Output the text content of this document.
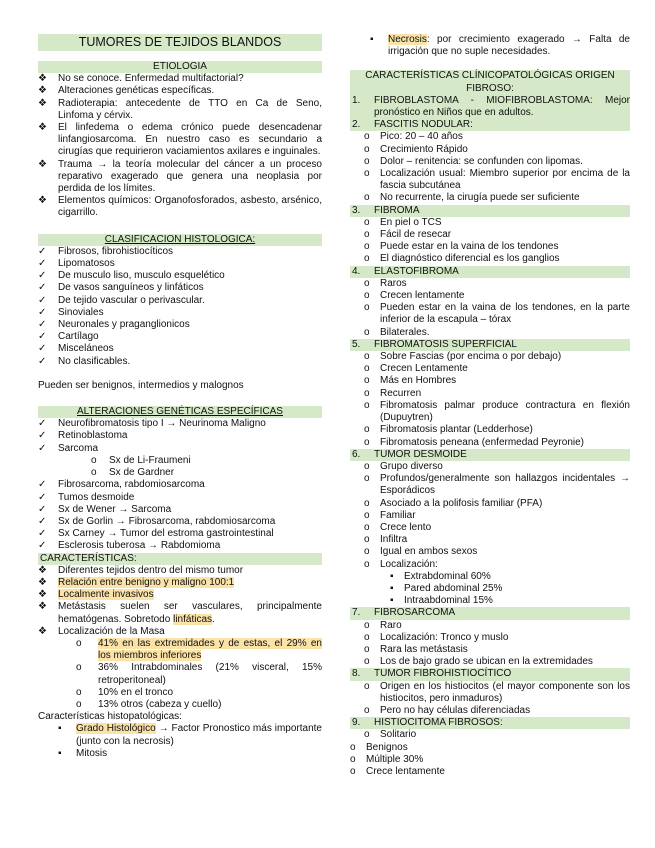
TUMORES DE TEJIDOS BLANDOS
ETIOLOGIA
❖	No se conoce. Enfermedad multifactorial?
❖	Alteraciones genéticas específicas.
❖	Radioterapia: antecedente de TTO en Ca de Seno, Linfoma y cérvix.
❖	El linfedema o edema crónico puede desencadenar linfangiosarcoma. En nuestro caso es secundario a cirugías que requirieron vaciamientos axilares e inguinales.
❖	Trauma → la teoría molecular del cáncer a un proceso reparativo exagerado que genera una neoplasia por perdida de los límites.
❖	Elementos químicos: Organofosforados, asbesto, arsénico, cigarrillo.
CLASIFICACION HISTOLOGICA:
✓	Fibrosos, fibrohistiocíticos
✓	Lipomatosos
✓	De musculo liso, musculo esquelético
✓	De vasos sanguíneos y linfáticos
✓	De tejido vascular o perivascular.
✓	Sinoviales
✓	Neuronales y praganglionicos
✓	Cartílago
✓	Misceláneos
✓	No clasificables.
Pueden ser benignos, intermedios y malognos
ALTERACIONES GENÉTICAS ESPECÍFICAS
✓	Neurofibromatosis tipo I → Neurinoma Maligno
✓	Retinoblastoma
✓	Sarcoma
o	Sx de Li-Fraumeni
o	Sx de Gardner
✓	Fibrosarcoma, rabdomiosarcoma
✓	Tumos desmoide
✓	Sx de Wener → Sarcoma
✓	Sx de Gorlin → Fibrosarcoma, rabdomiosarcoma
✓	Sx Carney → Tumor del estroma gastrointestinal
✓	Esclerosis tuberosa → Rabdomioma
CARACTERÍSTICAS:
❖	Diferentes tejidos dentro del mismo tumor
❖	Relación entre benigno y maligno 100:1
❖	Localmente invasivos
❖	Metástasis suelen ser vasculares, principalmente hematógenas. Sobretodo linfáticas.
❖	Localización de la Masa
o	41% en las extremidades y de estas, el 29% en los miembros inferiores
o	36% Intrabdominales (21% visceral, 15% retroperitoneal)
o	10% en el tronco
o	13% otros (cabeza y cuello)
Características histopatológicas:
▪	Grado Histológico → Factor Pronostico más importante (junto con la necrosis)
▪	Mitosis
▪	Necrosis: por crecimiento exagerado → Falta de irrigación que no suple necesidades.
CARACTERÍSTICAS CLÍNICOPATOLÓGICAS ORIGEN FIBROSO:
1.	FIBROBLASTOMA - MIOFIBROBLASTOMA: Mejor pronóstico en Niños que en adultos.
2.	FASCITIS NODULAR:
o	Pico: 20 – 40 años
o	Crecimiento Rápido
o	Dolor – renitencia: se confunden con lipomas.
o	Localización usual: Miembro superior por encima de la fascia subcutánea
o	No recurrente, la cirugía puede ser suficiente
3.	FIBROMA
o	En piel o TCS
o	Fácil de resecar
o	Puede estar en la vaina de los tendones
o	El diagnóstico diferencial es los ganglios
4.	ELASTOFIBROMA
o	Raros
o	Crecen lentamente
o	Pueden estar en la vaina de los tendones, en la parte inferior de la escapula – tórax
o	Bilaterales.
5.	FIBROMATOSIS SUPERFICIAL
o	Sobre Fascias (por encima o por debajo)
o	Crecen Lentamente
o	Más en Hombres
o	Recurren
o	Fibromatosis palmar produce contractura en flexión (Dupuytren)
o	Fibromatosis plantar (Ledderhose)
o	Fibromatosis peneana (enfermedad Peyronie)
6.	TUMOR DESMOIDE
o	Grupo diverso
o	Profundos/generalmente son hallazgos incidentales → Esporádicos
o	Asociado a la polifosis familiar (PFA)
o	Familiar
o	Crece lento
o	Infiltra
o	Igual en ambos sexos
o	Localización:
▪	Extrabdominal 60%
▪	Pared abdominal 25%
▪	Intraabdominal 15%
7.	FIBROSARCOMA
o	Raro
o	Localización: Tronco y muslo
o	Rara las metástasis
o	Los de bajo grado se ubican en la extremidades
8.	TUMOR FIBROHISTIOCÍTICO
o	Origen en los histiocitos (el mayor componente son los histiocitos, pero inmaduros)
o	Pero no hay células diferenciadas
9.	HISTIOCITOMA FIBROSOS:
o	Solitario
o	Benignos
o	Múltiple 30%
o	Crece lentamente
